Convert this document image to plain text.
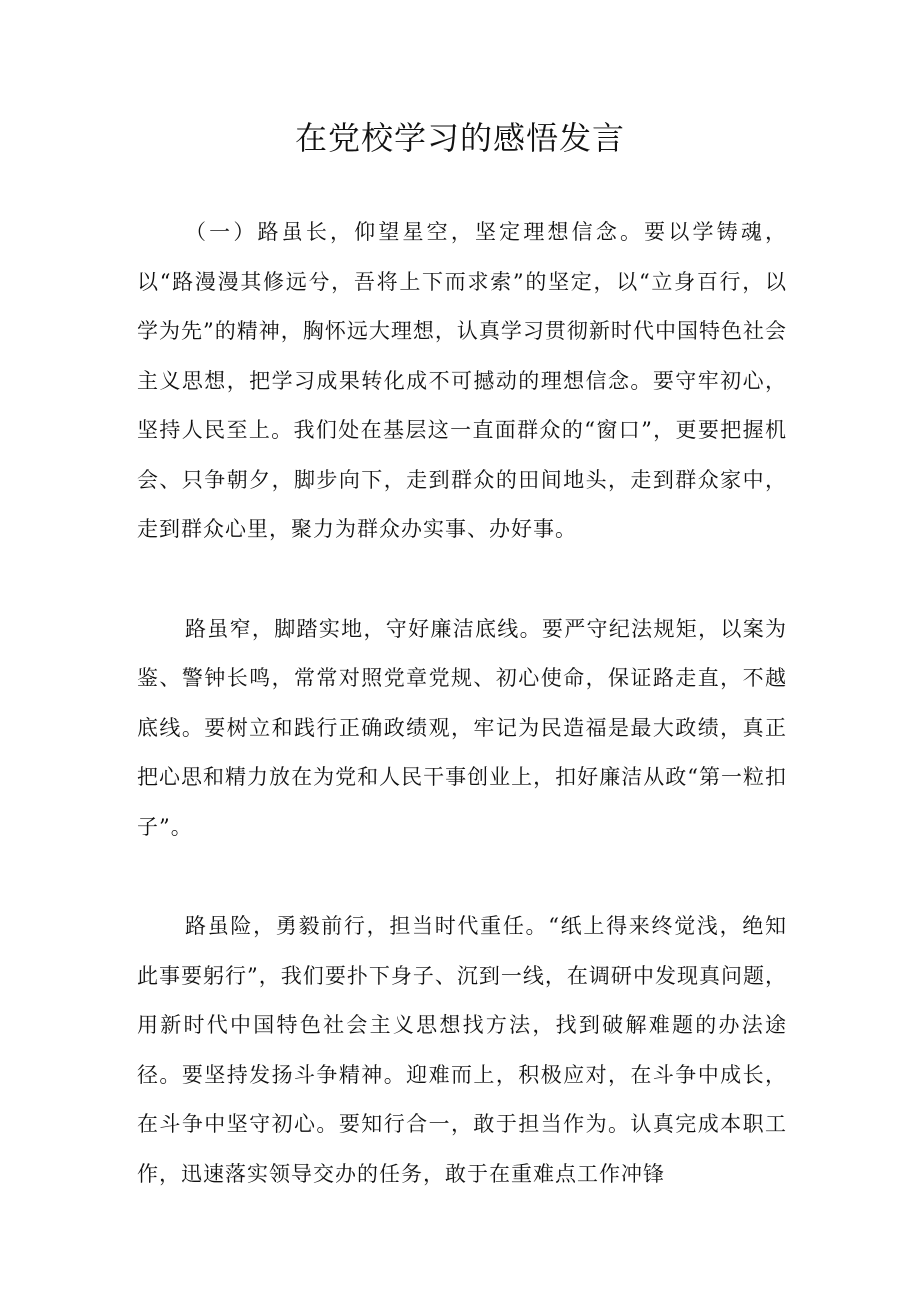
在党校学习的感悟发言

（一）路虽长，仰望星空，坚定理想信念。要以学铸魂，以“路漫漫其修远兮，吾将上下而求索”的坚定，以“立身百行，以学为先”的精神，胸怀远大理想，认真学习贯彻新时代中国特色社会主义思想，把学习成果转化成不可撼动的理想信念。要守牢初心，坚持人民至上。我们处在基层这一直面群众的“窗口”，更要把握机会、只争朝夕，脚步向下，走到群众的田间地头，走到群众家中，走到群众心里，聚力为群众办实事、办好事。

路虽窄，脚踏实地，守好廉洁底线。要严守纪法规矩，以案为鉴、警钟长鸣，常常对照党章党规、初心使命，保证路走直，不越底线。要树立和践行正确政绩观，牢记为民造福是最大政绩，真正把心思和精力放在为党和人民干事创业上，扣好廉洁从政“第一粒扣子”。

路虽险，勇毅前行，担当时代重任。“纸上得来终觉浅，绝知此事要躬行”，我们要扑下身子、沉到一线，在调研中发现真问题，用新时代中国特色社会主义思想找方法，找到破解难题的办法途径。要坚持发扬斗争精神。迎难而上，积极应对，在斗争中成长，在斗争中坚守初心。要知行合一，敢于担当作为。认真完成本职工作，迅速落实领导交办的任务，敢于在重难点工作冲锋
